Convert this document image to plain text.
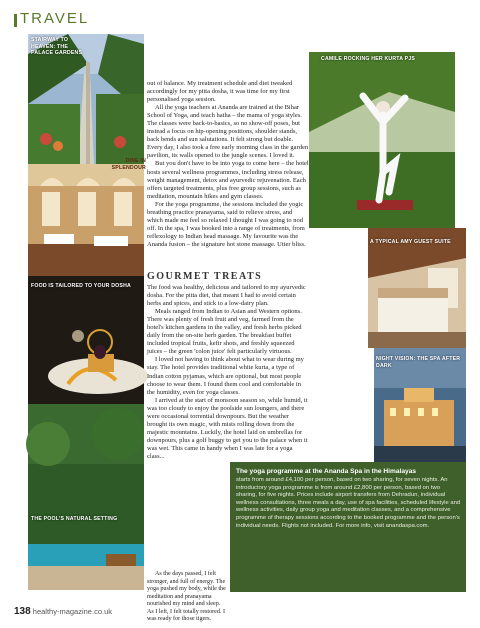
TRAVEL
STAIRWAY TO HEAVEN: THE PALACE GARDENS
DINE IN SPLENDOUR
FOOD IS TAILORED TO YOUR DOSHA
THE POOL'S NATURAL SETTING

out of balance. My treatment schedule and diet tweaked accordingly for my pitta dosha, it was time for my first personalised yoga session.

All the yoga teachers at Ananda are trained at the Bihar School of Yoga, and teach hatha – the mama of yoga styles. The classes were back-to-basics, so no show-off poses, but instead a focus on hip-opening positions, shoulder stands, back bends and sun salutations. It felt strong but doable. Every day, I also took a free early morning class in the garden pavilion, its walls opened to the jungle scenes. I loved it.

But you don't have to be into yoga to come here – the hotel hosts several wellness programmes, including stress release, weight management, detox and ayurvedic rejuvenation. Each offers targeted treatments, plus free group sessions, such as meditation, mountain hikes and gym classes.

For the yoga programme, the sessions included the yogic breathing practice pranayama, said to relieve stress, and which made me feel so relaxed I thought I was going to nod off. In the spa, I was booked into a range of treatments, from reflexology to Indian head massage. My favourite was the Ananda fusion – the signature hot stone massage. Utter bliss.

GOURMET TREATS

The food was healthy, delicious and tailored to my ayurvedic dosha. For the pitta diet, that meant I had to avoid certain herbs and spices, and stick to a low-dairy plan.

Meals ranged from Indian to Asian and Western options. There was plenty of fresh fruit and veg, farmed from the hotel's kitchen gardens in the valley, and fresh herbs picked daily from the on-site herb garden. The breakfast buffet included tropical fruits, kefir shots, and freshly squeezed juices – the green 'colon juice' felt particularly virtuous.

I loved not having to think about what to wear during my stay. The hotel provides traditional white kurta, a type of Indian cotton pyjamas, which are optional, but most people choose to wear them. I found them cool and comfortable in the humidity, even for yoga classes.

I arrived at the start of monsoon season so, while humid, it was too cloudy to enjoy the poolside sun loungers, and there were occasional torrential downpours. But the weather brought its own magic, with mists rolling down from the majestic mountains. Luckily, the hotel laid on umbrellas for downpours, plus a golf buggy to get you to the palace when it was wet. This came in handy when I was late for a yoga class...

As the days passed, I felt stronger, and full of energy. The yoga pushed my body, while the meditation and pranayama nourished my mind and sleep. As I left, I felt totally restored. I was ready for those tigers.

CAMILE ROCKING HER KURTA PJS
A TYPICAL AMY GUEST SUITE
NIGHT VISION: THE SPA AFTER DARK
The yoga programme at the Ananda Spa in the Himalayas
starts from around £4,100 per person, based on two sharing, for seven nights. An introductory yoga programme is from around £2,800 per person, based on two sharing, for five nights. Prices include airport transfers from Dehradun, individual wellness consultations, three meals a day, use of spa facilities, scheduled lifestyle and wellness activities, daily group yoga and meditation classes, and a comprehensive programme of therapy sessions according to the booked programme and the person's individual needs. Flights not included. For more info, visit anandaspa.com.
138 healthy-magazine.co.uk
